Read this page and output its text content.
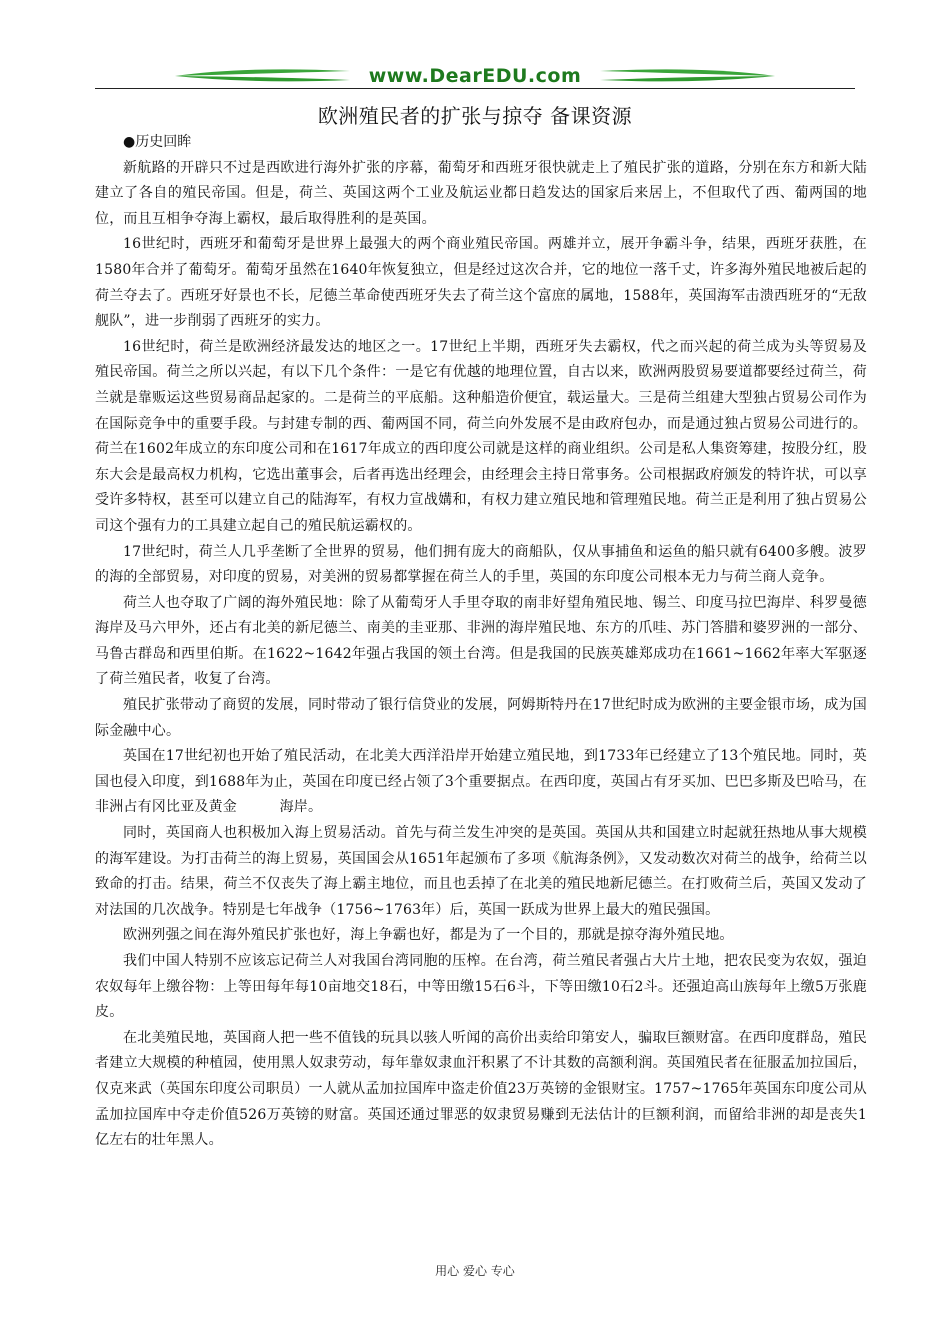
www.DearEDU.com
欧洲殖民者的扩张与掠夺 备课资源

●历史回眸

新航路的开辟只不过是西欧进行海外扩张的序幕，葡萄牙和西班牙很快就走上了殖民扩张的道路，分别在东方和新大陆建立了各自的殖民帝国。但是，荷兰、英国这两个工业及航运业都日趋发达的国家后来居上，不但取代了西、葡两国的地位，而且互相争夺海上霸权，最后取得胜利的是英国。

16世纪时，西班牙和葡萄牙是世界上最强大的两个商业殖民帝国。两雄并立，展开争霸斗争，结果，西班牙获胜，在1580年合并了葡萄牙。葡萄牙虽然在1640年恢复独立，但是经过这次合并，它的地位一落千丈，许多海外殖民地被后起的荷兰夺去了。西班牙好景也不长，尼德兰革命使西班牙失去了荷兰这个富庶的属地，1588年，英国海军击溃西班牙的“无敌舰队”，进一步削弱了西班牙的实力。

16世纪时，荷兰是欧洲经济最发达的地区之一。17世纪上半期，西班牙失去霸权，代之而兴起的荷兰成为头等贸易及殖民帝国。荷兰之所以兴起，有以下几个条件：一是它有优越的地理位置，自古以来，欧洲两股贸易要道都要经过荷兰，荷兰就是靠贩运这些贸易商品起家的。二是荷兰的平底船。这种船造价便宜，载运量大。三是荷兰组建大型独占贸易公司作为在国际竞争中的重要手段。与封建专制的西、葡两国不同，荷兰向外发展不是由政府包办，而是通过独占贸易公司进行的。荷兰在1602年成立的东印度公司和在1617年成立的西印度公司就是这样的商业组织。公司是私人集资筹建，按股分红，股东大会是最高权力机构，它选出董事会，后者再选出经理会，由经理会主持日常事务。公司根据政府颁发的特许状，可以享受许多特权，甚至可以建立自己的陆海军，有权力宣战媾和，有权力建立殖民地和管理殖民地。荷兰正是利用了独占贸易公司这个强有力的工具建立起自己的殖民航运霸权的。

17世纪时，荷兰人几乎垄断了全世界的贸易，他们拥有庞大的商船队，仅从事捕鱼和运鱼的船只就有6400多艘。波罗的海的全部贸易，对印度的贸易，对美洲的贸易都掌握在荷兰人的手里，英国的东印度公司根本无力与荷兰商人竞争。

荷兰人也夺取了广阔的海外殖民地：除了从葡萄牙人手里夺取的南非好望角殖民地、锡兰、印度马拉巴海岸、科罗曼德海岸及马六甲外，还占有北美的新尼德兰、南美的圭亚那、非洲的海岸殖民地、东方的爪哇、苏门答腊和婆罗洲的一部分、马鲁古群岛和西里伯斯。在1622~1642年强占我国的领土台湾。但是我国的民族英雄郑成功在1661~1662年率大军驱逐了荷兰殖民者，收复了台湾。

殖民扩张带动了商贸的发展，同时带动了银行信贷业的发展，阿姆斯特丹在17世纪时成为欧洲的主要金银市场，成为国际金融中心。

英国在17世纪初也开始了殖民活动，在北美大西洋沿岸开始建立殖民地，到1733年已经建立了13个殖民地。同时，英国也侵入印度，到1688年为止，英国在印度已经占领了3个重要据点。在西印度，英国占有牙买加、巴巴多斯及巴哈马，在非洲占有冈比亚及黄金　　　海岸。

同时，英国商人也积极加入海上贸易活动。首先与荷兰发生冲突的是英国。英国从共和国建立时起就狂热地从事大规模的海军建设。为打击荷兰的海上贸易，英国国会从1651年起颁布了多项《航海条例》，又发动数次对荷兰的战争，给荷兰以致命的打击。结果，荷兰不仅丧失了海上霸主地位，而且也丢掉了在北美的殖民地新尼德兰。在打败荷兰后，英国又发动了对法国的几次战争。特别是七年战争（1756~1763年）后，英国一跃成为世界上最大的殖民强国。

欧洲列强之间在海外殖民扩张也好，海上争霸也好，都是为了一个目的，那就是掠夺海外殖民地。

我们中国人特别不应该忘记荷兰人对我国台湾同胞的压榨。在台湾，荷兰殖民者强占大片土地，把农民变为农奴，强迫农奴每年上缴谷物：上等田每年每10亩地交18石，中等田缴15石6斗，下等田缴10石2斗。还强迫高山族每年上缴5万张鹿皮。

在北美殖民地，英国商人把一些不值钱的玩具以骇人听闻的高价出卖给印第安人，骗取巨额财富。在西印度群岛，殖民者建立大规模的种植园，使用黑人奴隶劳动，每年靠奴隶血汗积累了不计其数的高额利润。英国殖民者在征服孟加拉国后，仅克来武（英国东印度公司职员）一人就从孟加拉国库中盗走价值23万英镑的金银财宝。1757~1765年英国东印度公司从孟加拉国库中夺走价值526万英镑的财富。英国还通过罪恶的奴隶贸易赚到无法估计的巨额利润，而留给非洲的却是丧失1亿左右的壮年黑人。

用心 爱心 专心
